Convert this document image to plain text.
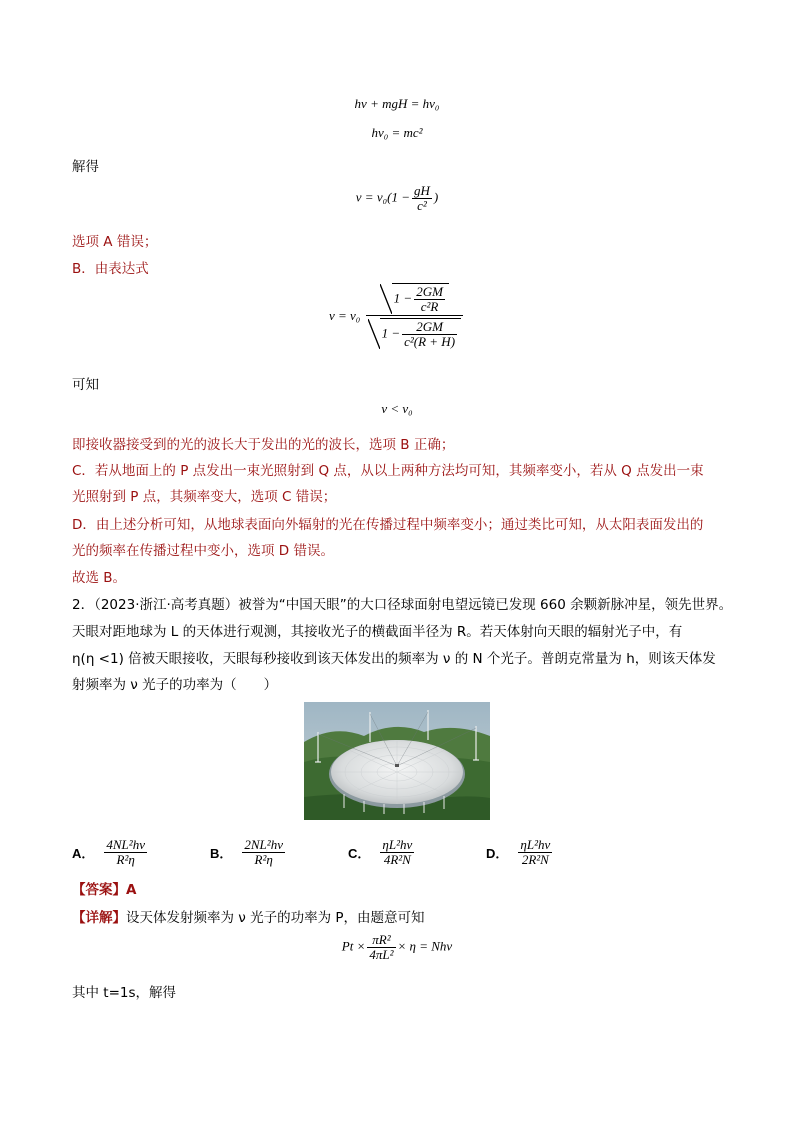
hν + mgH = hν₀
hν₀ = mc²
解得
$\nu = \nu_0(1 - \frac{gH}{\text{c²}}$ )
选项 A 错误；
B．由表达式
$\nu = \nu_0 \frac{1 - \frac{2GM}{\text{c²R}}}{1 - \frac{2GM}{\text{c²(R + H)}}}$
可知
ν < ν₀
即接收器接受到的光的波长大于发出的光的波长，选项 B 正确；
C．若从地面上的 P 点发出一束光照射到 Q 点，从以上两种方法均可知，其频率变小，若从 Q 点发出一束
光照射到 P 点，其频率变大，选项 C 错误；
D．由上述分析可知，从地球表面向外辐射的光在传播过程中频率变小；通过类比可知，从太阳表面发出的
光的频率在传播过程中变小，选项 D 错误。
故选 B。
2．（2023·浙江·高考真题）被誉为“中国天眼”的大口径球面射电望远镜已发现 660 余颗新脉冲星，领先世界。
天眼对距地球为 L 的天体进行观测，其接收光子的横截面半径为 R。若天体射向天眼的辐射光子中，有
η(η <1) 倍被天眼接收，天眼每秒接收到该天体发出的频率为 ν 的 N 个光子。普朗克常量为 h，则该天体发
射频率为 ν 光子的功率为（　　）
A． $\frac{\text{4NL²hν}}{\text{R²η}}$	B． $\frac{\text{2NL²hν}}{\text{R²η}}$	C． $\frac{\text{ηL²hν}}{\text{4R²N}}$	D． $\frac{\text{ηL²hν}}{\text{2R²N}}$
【答案】A
【详解】设天体发射频率为 ν 光子的功率为 P，由题意可知
$Pt \times \frac{\text{πR²}}{\text{4πL²}} \times \eta = Nh\nu$
其中 t=1s，解得
